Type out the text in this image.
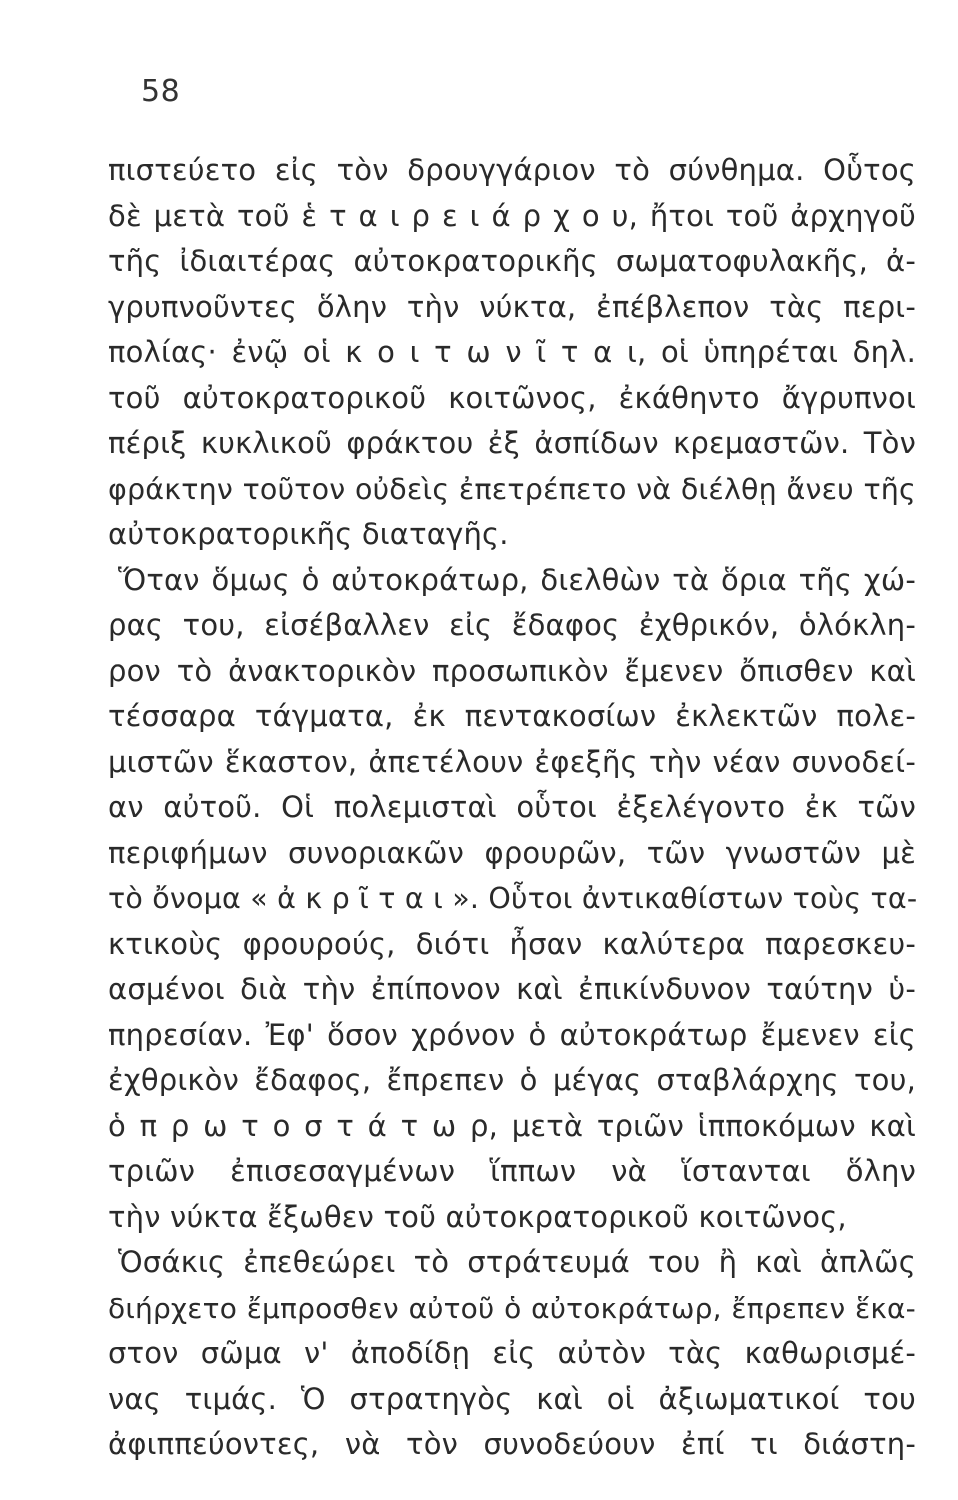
58
πιστεύετο εἰς τὸν δρουγγάριον τὸ σύνθημα. Οὗτος
δὲ μετὰ τοῦ ἑ τ α ι ρ ε ι ά ρ χ ο υ, ἤτοι τοῦ ἀρχηγοῦ
τῆς ἰδιαιτέρας αὐτοκρατορικῆς σωματοφυλακῆς, ἀ-
γρυπνοῦντες ὅλην τὴν νύκτα, ἐπέβλεπον τὰς περι-
πολίας· ἐνῷ οἱ κ ο ι τ ω ν ῖ τ α ι, οἱ ὑπηρέται δηλ.
τοῦ αὐτοκρατορικοῦ κοιτῶνος, ἐκάθηντο ἄγρυπνοι
πέριξ κυκλικοῦ φράκτου ἐξ ἀσπίδων κρεμαστῶν. Τὸν
φράκτην τοῦτον οὐδεὶς ἐπετρέπετο νὰ διέλθῃ ἄνευ τῆς
αὐτοκρατορικῆς διαταγῆς.
Ὅταν ὅμως ὁ αὐτοκράτωρ, διελθὼν τὰ ὅρια τῆς χώ-
ρας του, εἰσέβαλλεν εἰς ἔδαφος ἐχθρικόν, ὁλόκλη-
ρον τὸ ἀνακτορικὸν προσωπικὸν ἔμενεν ὄπισθεν καὶ
τέσσαρα τάγματα, ἐκ πεντακοσίων ἐκλεκτῶν πολε-
μιστῶν ἕκαστον, ἀπετέλουν ἐφεξῆς τὴν νέαν συνοδεί-
αν αὐτοῦ. Οἱ πολεμισταὶ οὗτοι ἐξελέγοντο ἐκ τῶν
περιφήμων συνοριακῶν φρουρῶν, τῶν γνωστῶν μὲ
τὸ ὄνομα « ἀ κ ρ ῖ τ α ι ». Οὗτοι ἀντικαθίστων τοὺς τα-
κτικοὺς φρουρούς, διότι ἦσαν καλύτερα παρεσκευ-
ασμένοι διὰ τὴν ἐπίπονον καὶ ἐπικίνδυνον ταύτην ὑ-
πηρεσίαν. Ἐφ' ὅσον χρόνον ὁ αὐτοκράτωρ ἔμενεν εἰς
ἐχθρικὸν ἔδαφος, ἔπρεπεν ὁ μέγας σταβλάρχης του,
ὁ π ρ ω τ ο σ τ ά τ ω ρ, μετὰ τριῶν ἱπποκόμων καὶ
τριῶν ἐπισεσαγμένων ἵππων νὰ ἵστανται ὅλην
τὴν νύκτα ἔξωθεν τοῦ αὐτοκρατορικοῦ κοιτῶνος,
Ὁσάκις ἐπεθεώρει τὸ στράτευμά του ἢ καὶ ἁπλῶς
διήρχετο ἔμπροσθεν αὐτοῦ ὁ αὐτοκράτωρ, ἔπρεπεν ἕκα-
στον σῶμα ν' ἀποδίδῃ εἰς αὐτὸν τὰς καθωρισμέ-
νας τιμάς. Ὁ στρατηγὸς καὶ οἱ ἀξιωματικοί του
ἀφιππεύοντες, νὰ τὸν συνοδεύουν ἐπί τι διάστη-
